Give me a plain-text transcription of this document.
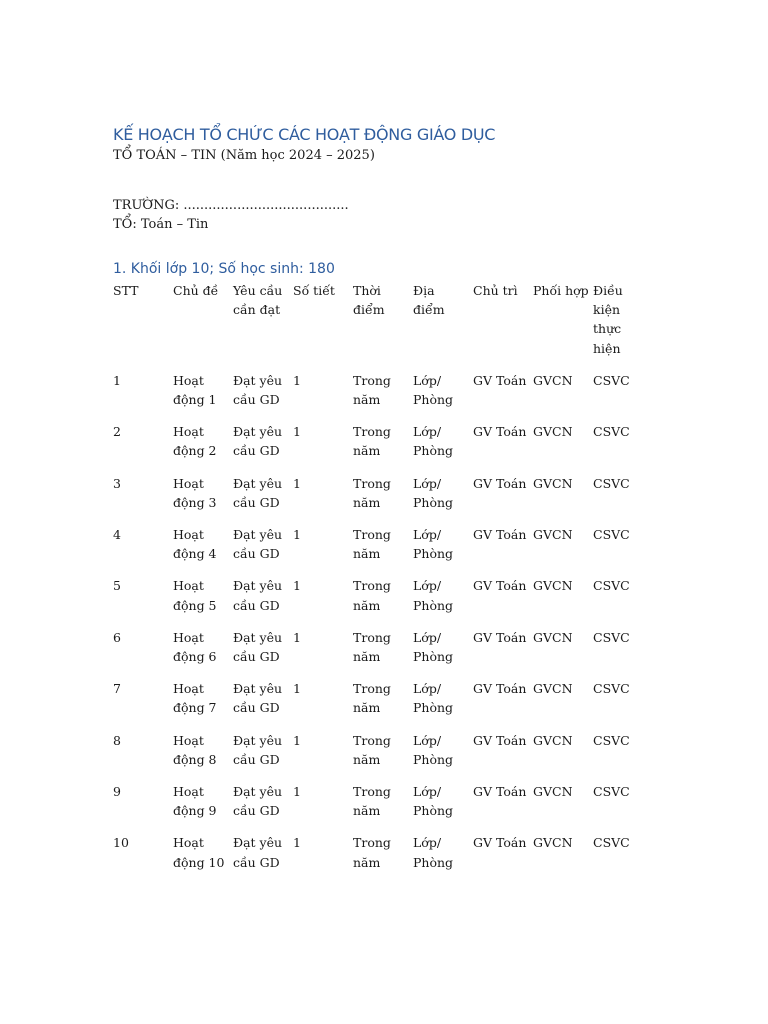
KẾ HOẠCH TỔ CHỨC CÁC HOẠT ĐỘNG GIÁO DỤC

TỔ TOÁN – TIN (Năm học 2024 – 2025)

TRƯỜNG: ........................................
TỔ: Toán – Tin
1. Khối lớp 10; Số học sinh: 180
STT	Chủ đề	Yêu cầu cần đạt	Số tiết	Thời điểm	Địa điểm	Chủ trì	Phối hợp	Điều kiện thực hiện
1	Hoạt động 1	Đạt yêu cầu GD	1	Trong năm	Lớp/ Phòng	GV Toán	GVCN	CSVC
2	Hoạt động 2	Đạt yêu cầu GD	1	Trong năm	Lớp/ Phòng	GV Toán	GVCN	CSVC
3	Hoạt động 3	Đạt yêu cầu GD	1	Trong năm	Lớp/ Phòng	GV Toán	GVCN	CSVC
4	Hoạt động 4	Đạt yêu cầu GD	1	Trong năm	Lớp/ Phòng	GV Toán	GVCN	CSVC
5	Hoạt động 5	Đạt yêu cầu GD	1	Trong năm	Lớp/ Phòng	GV Toán	GVCN	CSVC
6	Hoạt động 6	Đạt yêu cầu GD	1	Trong năm	Lớp/ Phòng	GV Toán	GVCN	CSVC
7	Hoạt động 7	Đạt yêu cầu GD	1	Trong năm	Lớp/ Phòng	GV Toán	GVCN	CSVC
8	Hoạt động 8	Đạt yêu cầu GD	1	Trong năm	Lớp/ Phòng	GV Toán	GVCN	CSVC
9	Hoạt động 9	Đạt yêu cầu GD	1	Trong năm	Lớp/ Phòng	GV Toán	GVCN	CSVC
10	Hoạt động 10	Đạt yêu cầu GD	1	Trong năm	Lớp/ Phòng	GV Toán	GVCN	CSVC
